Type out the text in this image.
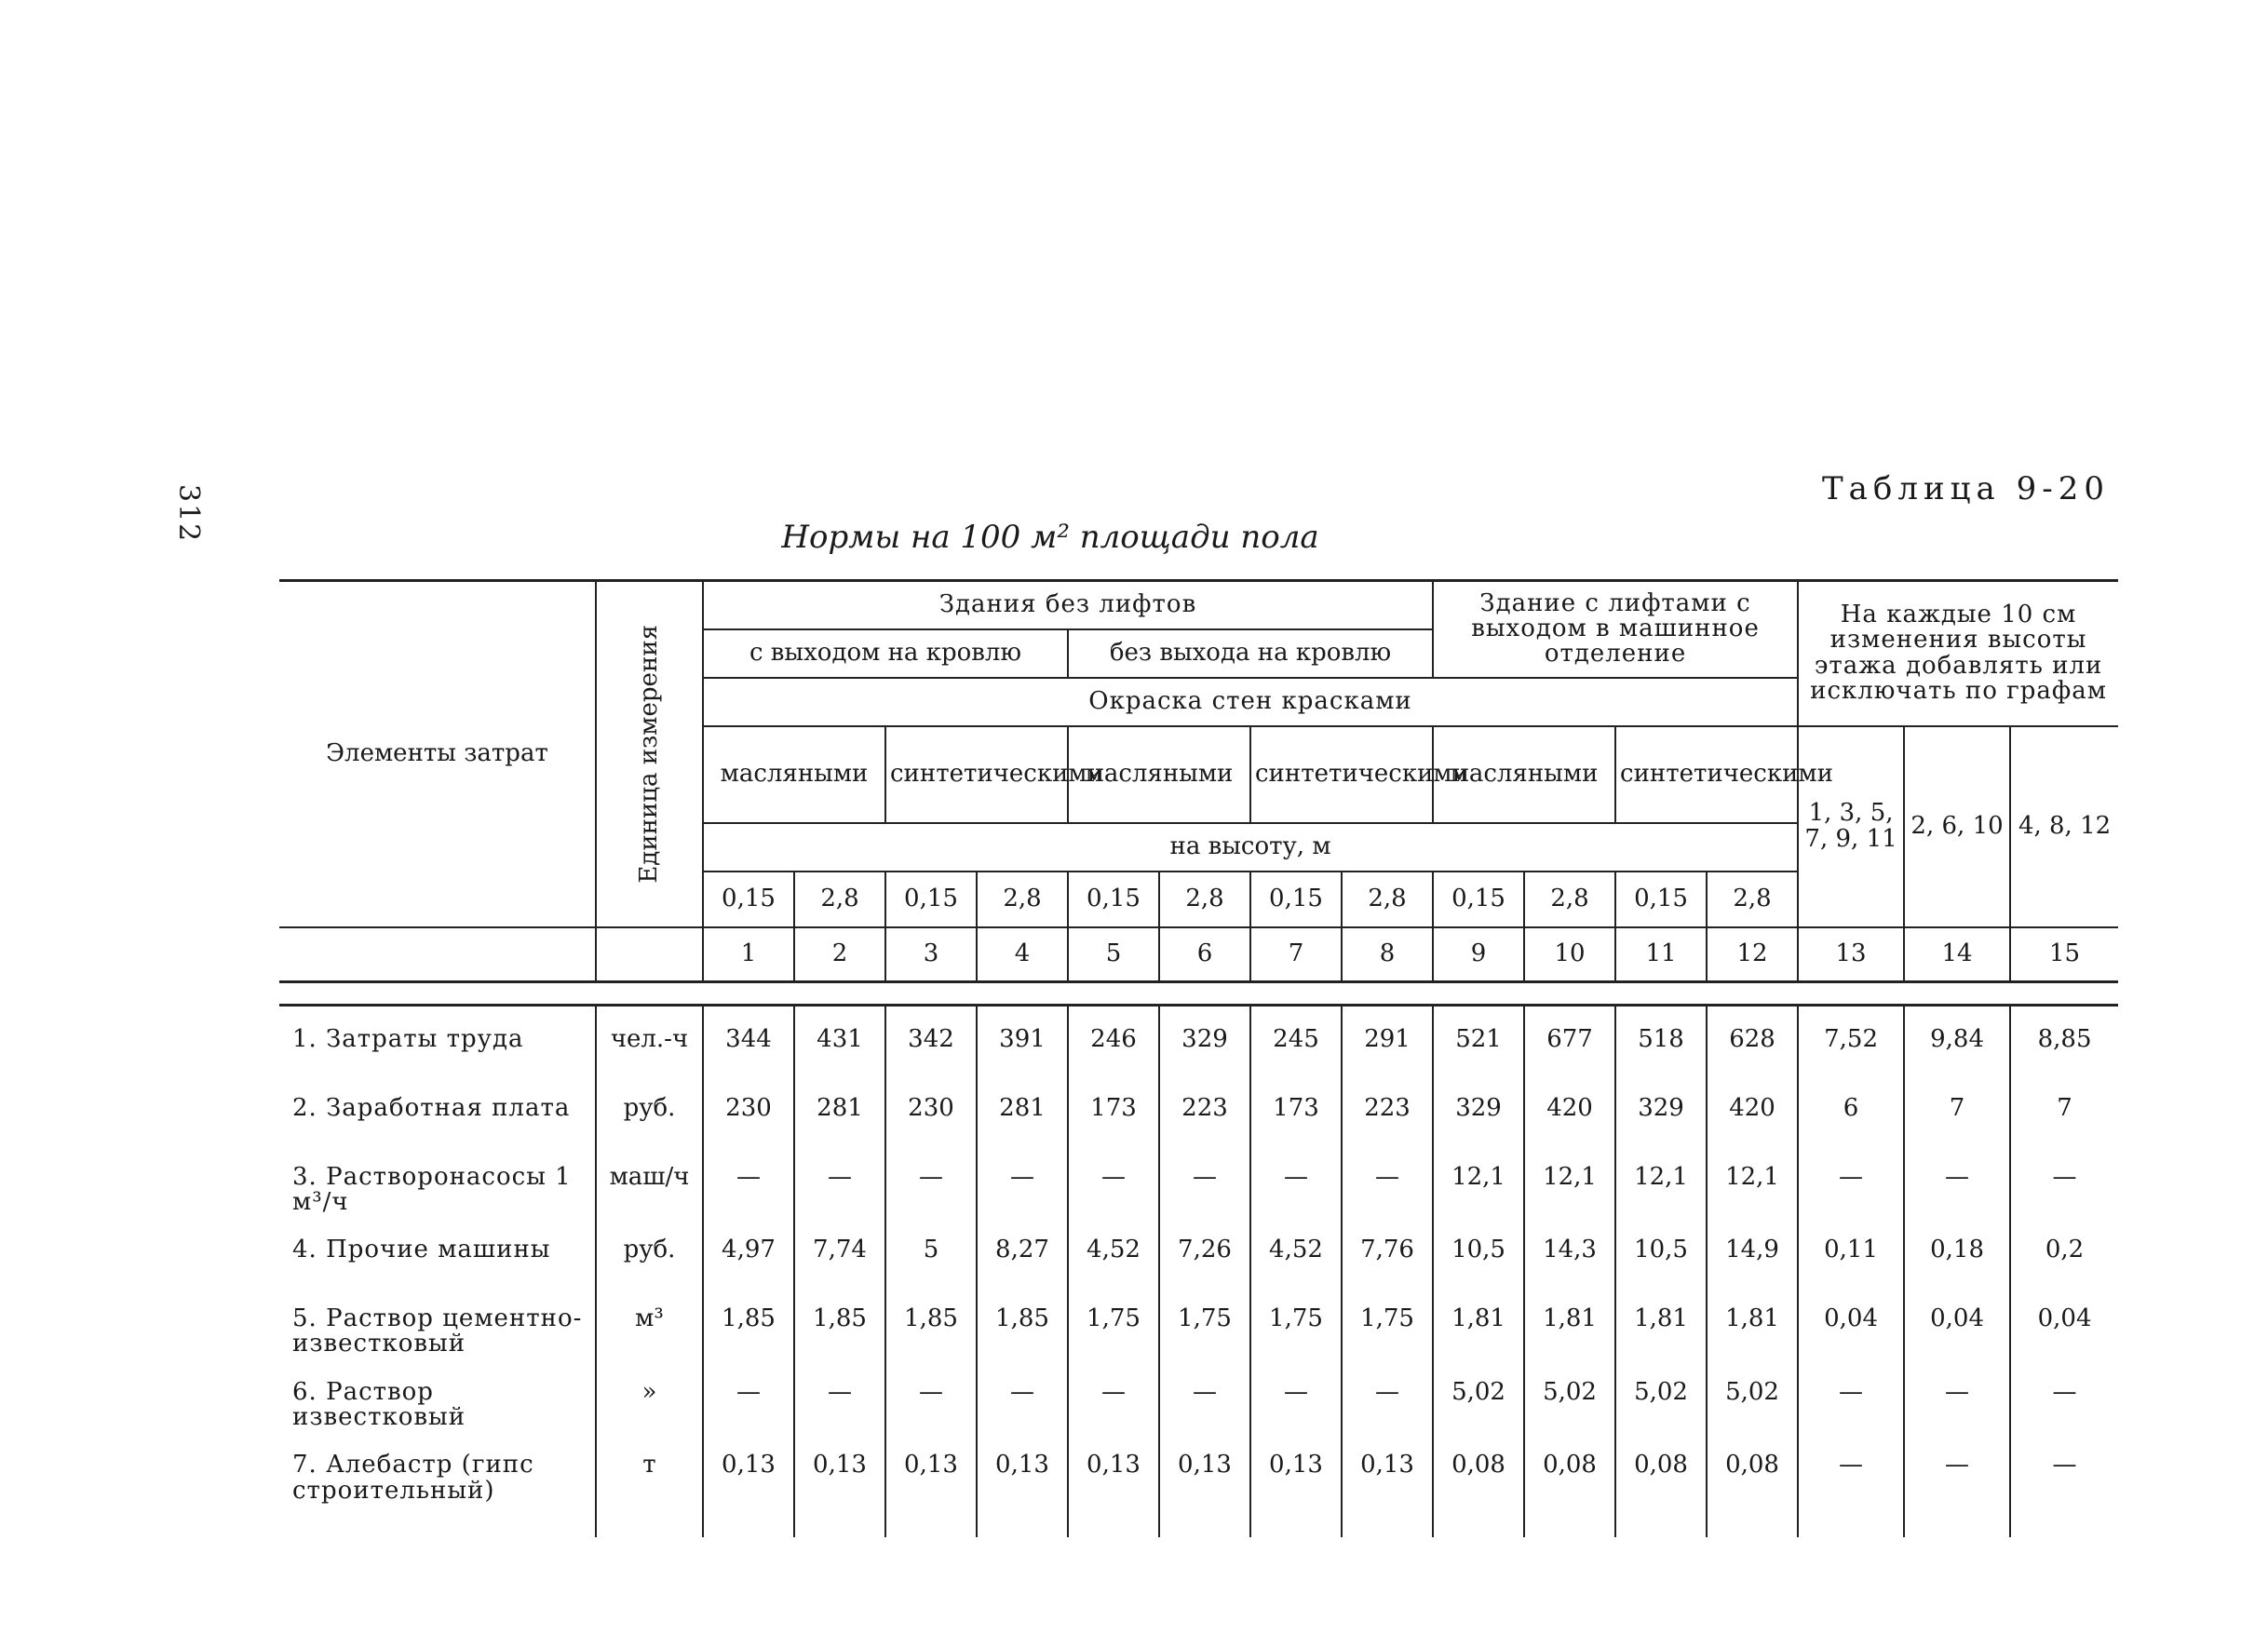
312	Таблица 9-20
Нормы на 100 м² площади пола
Элементы затрат	Единица измерения	Здания без лифтов								Здание с лифтами с выходом в машинное отделение				На каждые 10 см изменения высоты этажа добавлять или исключать по графам		
		с выходом на кровлю				без выхода на кровлю										
		Окраска стен красками														
		масляными		синтетическими		масляными		синтетическими		масляными		синтетическими		1, 3, 5, 7, 9, 11	2, 6, 10	4, 8, 12
		на высоту, м														
		0,15	2,8	0,15	2,8	0,15	2,8	0,15	2,8	0,15	2,8	0,15	2,8			

		1	2	3	4	5	6	7	8	9	10	11	12	13	14	15

1. Затраты труда	чел.-ч	344	431	342	391	246	329	245	291	521	677	518	628	7,52	9,84	8,85
2. Заработная плата	руб.	230	281	230	281	173	223	173	223	329	420	329	420	6	7	7
3. Растворонасосы 1 м³/ч	маш/ч	—	—	—	—	—	—	—	—	12,1	12,1	12,1	12,1	—	—	—
4. Прочие машины	руб.	4,97	7,74	5	8,27	4,52	7,26	4,52	7,76	10,5	14,3	10,5	14,9	0,11	0,18	0,2
5. Раствор цементно-известковый	м³	1,85	1,85	1,85	1,85	1,75	1,75	1,75	1,75	1,81	1,81	1,81	1,81	0,04	0,04	0,04
6. Раствор известковый	»	—	—	—	—	—	—	—	—	5,02	5,02	5,02	5,02	—	—	—
7. Алебастр (гипс строительный)	т	0,13	0,13	0,13	0,13	0,13	0,13	0,13	0,13	0,08	0,08	0,08	0,08	—	—	—
